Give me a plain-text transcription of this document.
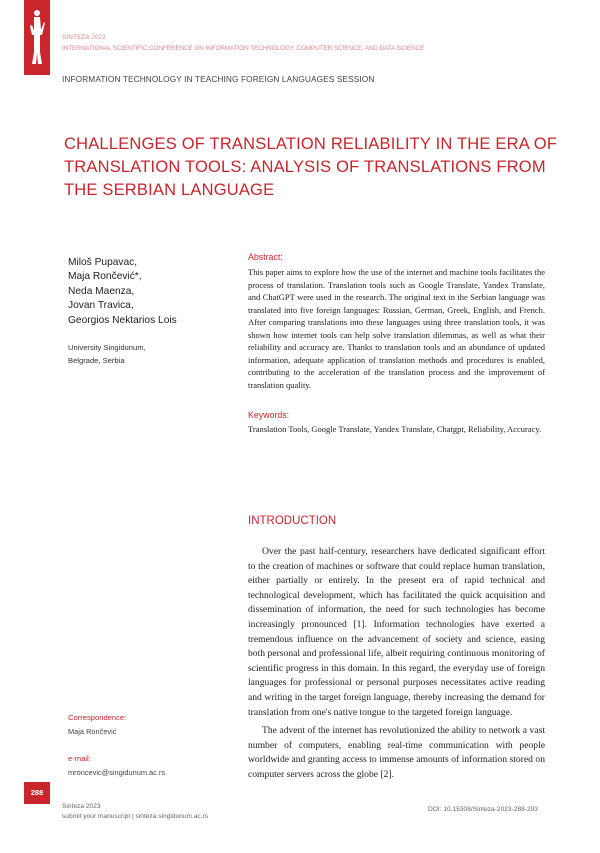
288
SINTEZA 2023
INTERNATIONAL SCIENTIFIC CONFERENCE ON INFORMATION TECHNOLOGY, COMPUTER SCIENCE, AND DATA SCIENCE
INFORMATION TECHNOLOGY IN TEACHING FOREIGN LANGUAGES SESSION
CHALLENGES OF TRANSLATION RELIABILITY IN THE ERA OF
TRANSLATION TOOLS: ANALYSIS OF TRANSLATIONS FROM
THE SERBIAN LANGUAGE
Miloš Pupavac,
Maja Rončević*,
Neda Maenza,
Jovan Travica,
Georgios Nektarios Lois
University Singidunum,
Belgrade, Serbia
Abstract:
This paper aims to explore how the use of the internet and machine tools facilitates the process of translation. Translation tools such as Google Translate, Yandex Translate, and ChatGPT were used in the research. The original text in the Serbian language was translated into five foreign languages: Russian, German, Greek, English, and French. After comparing translations into these languages using three translation tools, it was shown how internet tools can help solve translation dilemmas, as well as what their reliability and accuracy are. Thanks to translation tools and an abundance of updated information, adequate application of translation methods and procedures is enabled, contributing to the acceleration of the translation process and the improvement of translation quality.
Keywords:
Translation Tools, Google Translate, Yandex Translate, Chatgpt, Reliability, Accuracy.
INTRODUCTION

Over the past half-century, researchers have dedicated significant effort to the creation of machines or software that could replace human translation, either partially or entirely. In the present era of rapid technical and technological development, which has facilitated the quick acquisition and dissemination of information, the need for such technologies has become increasingly pronounced [1]. Information technologies have exerted a tremendous influence on the advancement of society and science, easing both personal and professional life, albeit requiring continuous monitoring of scientific progress in this domain. In this regard, the everyday use of foreign languages for professional or personal purposes necessitates active reading and writing in the target foreign language, thereby increasing the demand for translation from one's native tongue to the targeted foreign language.

The advent of the internet has revolutionized the ability to network a vast number of computers, enabling real-time communication with people worldwide and granting access to immense amounts of information stored on computer servers across the globe [2].

Correspondence:
Maja Rončević
e-mail:
mroncevic@singidunum.ac.rs
Sinteza 2023
submit your manuscript | sinteza.singidunum.ac.rs
DOI: 10.15308/Sinteza-2023-288-293
